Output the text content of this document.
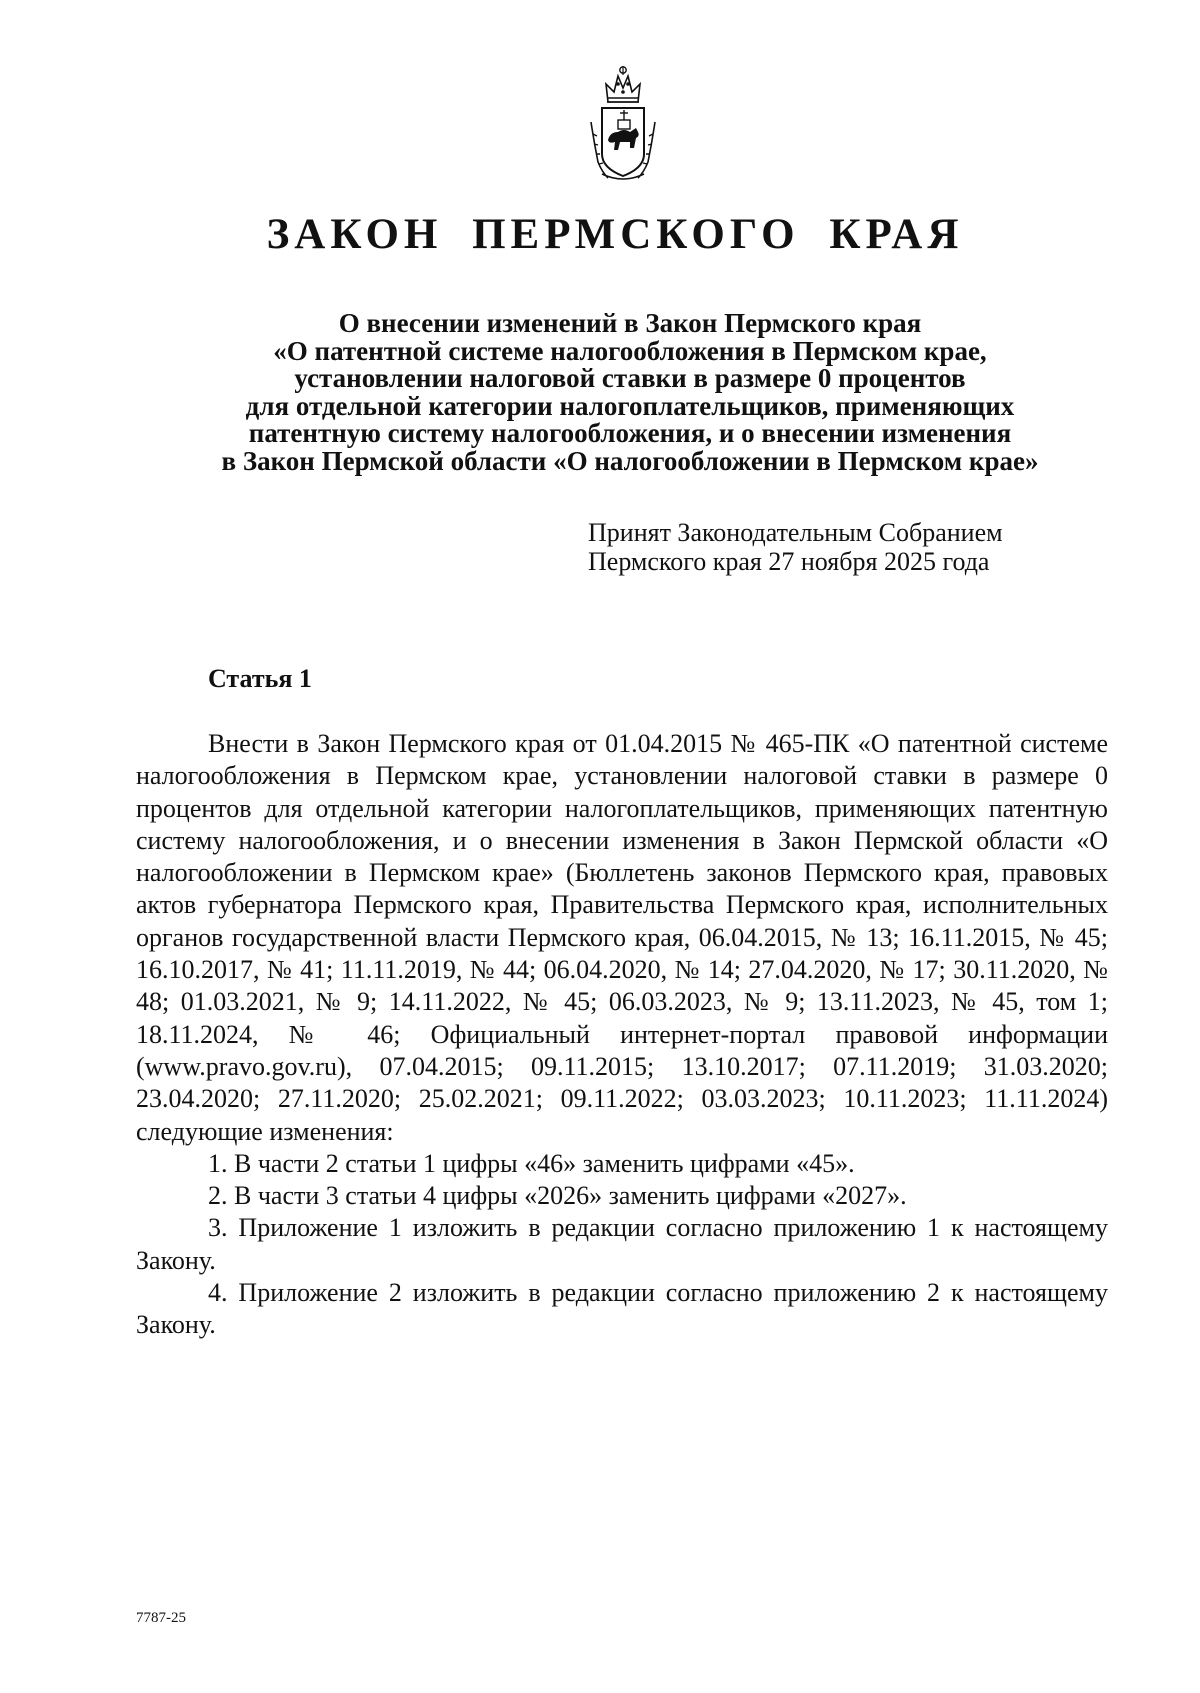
ЗАКОН ПЕРМСКОГО КРАЯ
О внесении изменений в Закон Пермского края
«О патентной системе налогообложения в Пермском крае,
установлении налоговой ставки в размере 0 процентов
для отдельной категории налогоплательщиков, применяющих
патентную систему налогообложения, и о внесении изменения
в Закон Пермской области «О налогообложении в Пермском крае»
Принят Законодательным Собранием
Пермского края 27 ноября 2025 года
Статья 1

Внести в Закон Пермского края от 01.04.2015 № 465-ПК «О патентной системе налогообложения в Пермском крае, установлении налоговой ставки в размере 0 процентов для отдельной категории налогоплательщиков, применяющих патентную систему налогообложения, и о внесении изменения в Закон Пермской области «О налогообложении в Пермском крае» (Бюллетень законов Пермского края, правовых актов губернатора Пермского края, Правительства Пермского края, исполнительных органов государственной власти Пермского края, 06.04.2015, № 13; 16.11.2015, № 45; 16.10.2017, № 41; 11.11.2019, № 44; 06.04.2020, № 14; 27.04.2020, № 17; 30.11.2020, № 48; 01.03.2021, № 9; 14.11.2022, № 45; 06.03.2023, № 9; 13.11.2023, № 45, том 1; 18.11.2024, № 46; Официальный интернет-портал правовой информации (www.pravo.gov.ru), 07.04.2015; 09.11.2015; 13.10.2017; 07.11.2019; 31.03.2020; 23.04.2020; 27.11.2020; 25.02.2021; 09.11.2022; 03.03.2023; 10.11.2023; 11.11.2024) следующие изменения:

1. В части 2 статьи 1 цифры «46» заменить цифрами «45».

2. В части 3 статьи 4 цифры «2026» заменить цифрами «2027».

3. Приложение 1 изложить в редакции согласно приложению 1 к настоящему Закону.

4. Приложение 2 изложить в редакции согласно приложению 2 к настоящему Закону.

7787-25
